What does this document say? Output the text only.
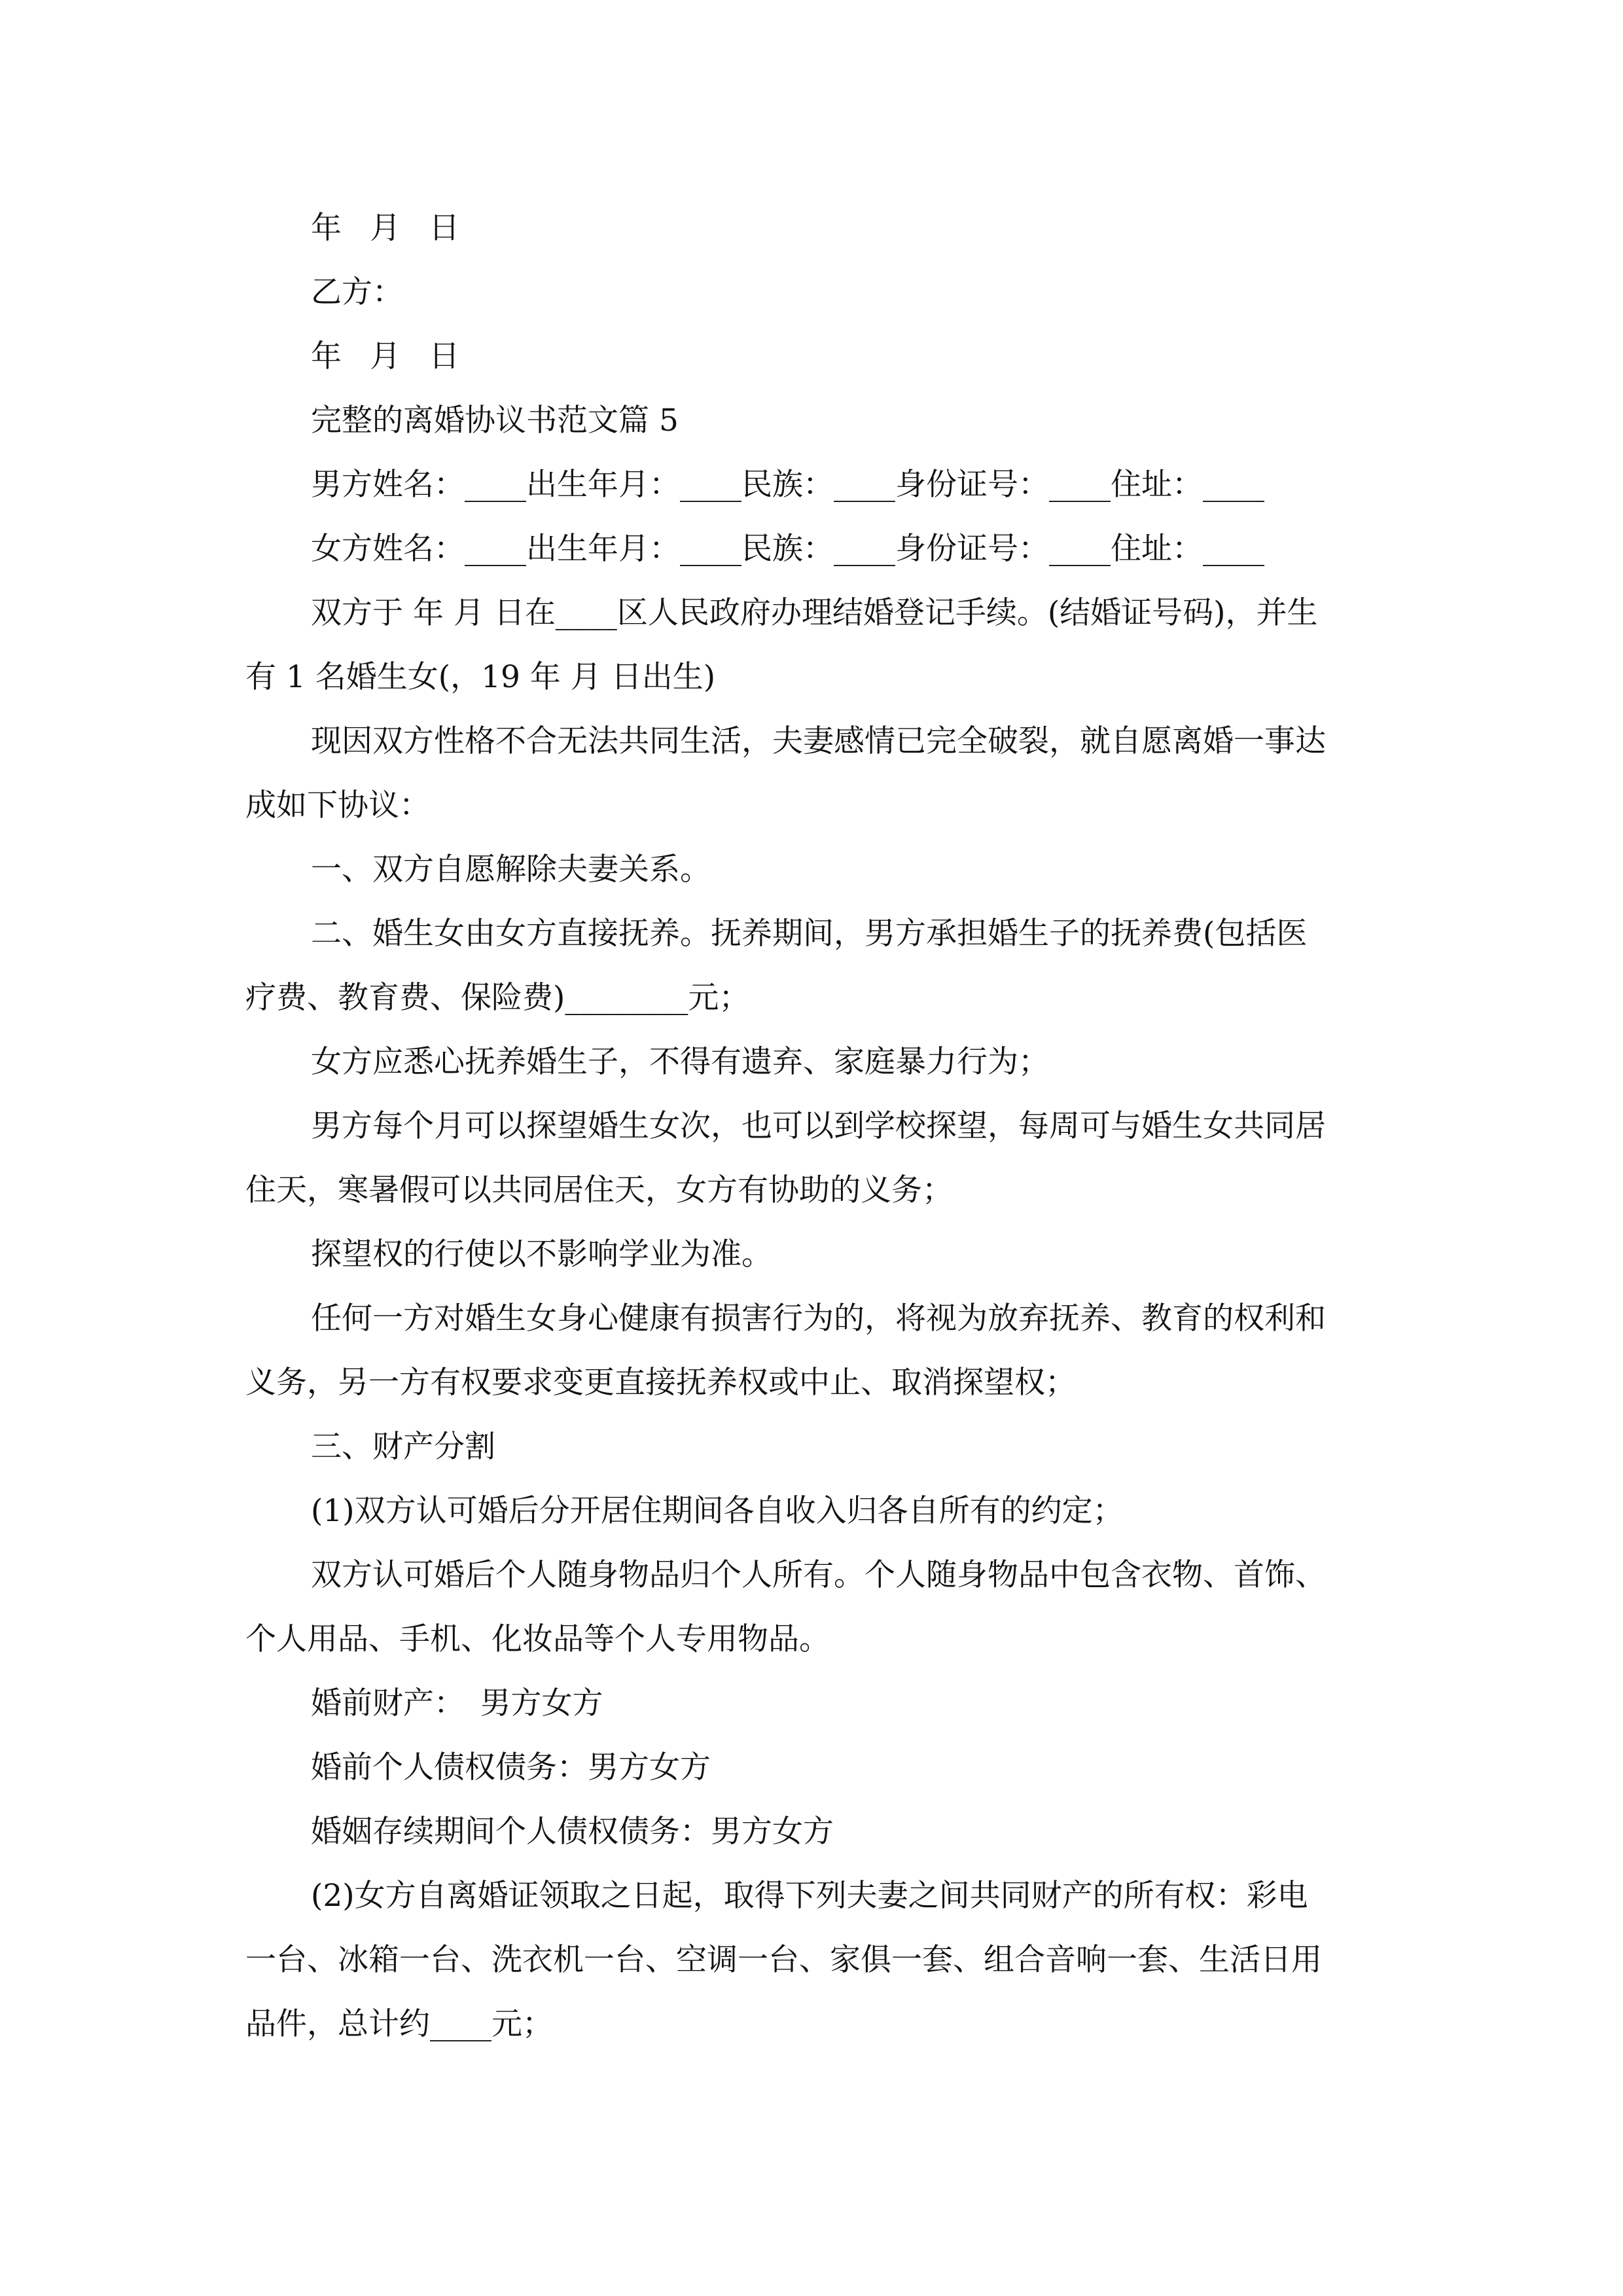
年 月 日
乙方：
年 月 日
完整的离婚协议书范文篇 5
男方姓名：____出生年月：____民族：____身份证号：____住址：____
女方姓名：____出生年月：____民族：____身份证号：____住址：____
双方于 年 月 日在____区人民政府办理结婚登记手续。(结婚证号码)，并生
有 1 名婚生女(，19 年 月 日出生)
现因双方性格不合无法共同生活，夫妻感情已完全破裂，就自愿离婚一事达
成如下协议：
一、双方自愿解除夫妻关系。
二、婚生女由女方直接抚养。抚养期间，男方承担婚生子的抚养费(包括医
疗费、教育费、保险费)________元；
女方应悉心抚养婚生子，不得有遗弃、家庭暴力行为；
男方每个月可以探望婚生女次，也可以到学校探望，每周可与婚生女共同居
住天，寒暑假可以共同居住天，女方有协助的义务；
探望权的行使以不影响学业为准。
任何一方对婚生女身心健康有损害行为的，将视为放弃抚养、教育的权利和
义务，另一方有权要求变更直接抚养权或中止、取消探望权；
三、财产分割
(1)双方认可婚后分开居住期间各自收入归各自所有的约定；
双方认可婚后个人随身物品归个人所有。个人随身物品中包含衣物、首饰、
个人用品、手机、化妆品等个人专用物品。
婚前财产：　男方女方
婚前个人债权债务：男方女方
婚姻存续期间个人债权债务：男方女方
(2)女方自离婚证领取之日起，取得下列夫妻之间共同财产的所有权：彩电
一台、冰箱一台、洗衣机一台、空调一台、家俱一套、组合音响一套、生活日用
品件，总计约____元；
